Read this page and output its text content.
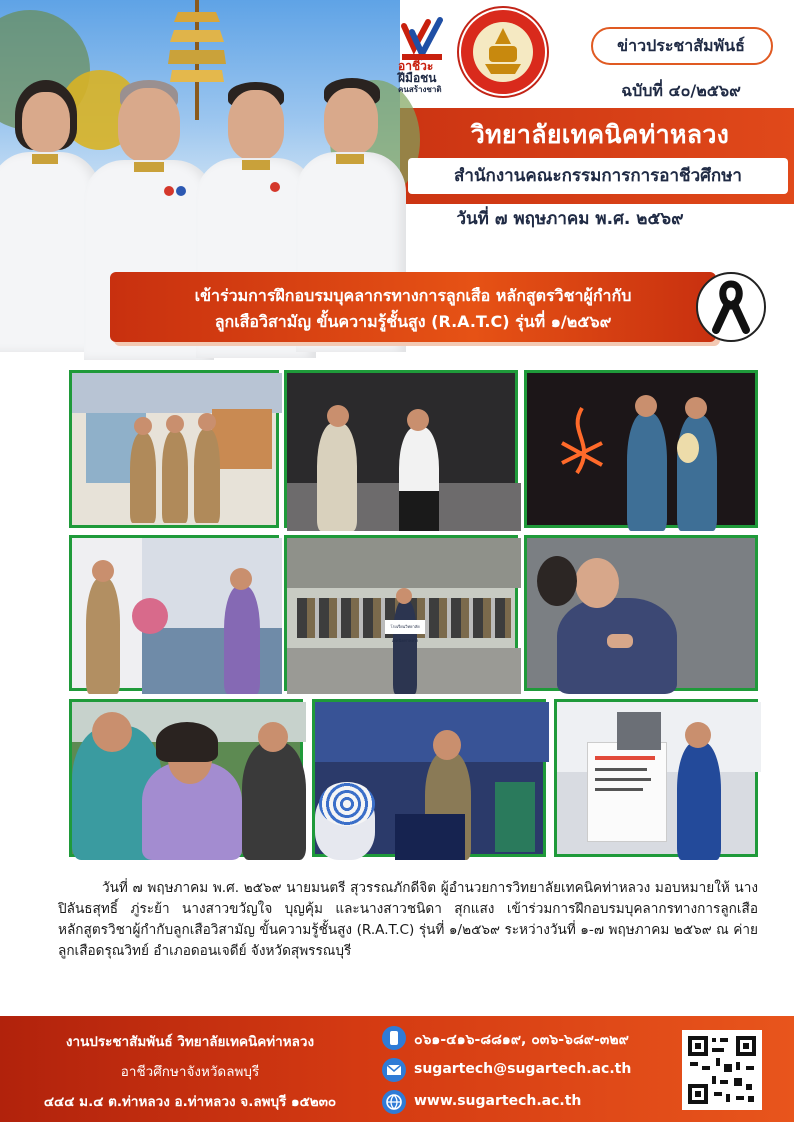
อาชีวะ
ฝีมือชน
คนสร้างชาติ
ข่าวประชาสัมพันธ์
ฉบับที่ ๔๐/๒๕๖๙
วิทยาลัยเทคนิคท่าหลวง
สำนักงานคณะกรรมการการอาชีวศึกษา
วันที่ ๗ พฤษภาคม พ.ศ. ๒๕๖๙
เข้าร่วมการฝึกอบรมบุคลากรทางการลูกเสือ หลักสูตรวิชาผู้กำกับ
ลูกเสือวิสามัญ ขั้นความรู้ชั้นสูง (R.A.T.C) รุ่นที่ ๑/๒๕๖๙
โรงเรียนวิทยาลัยเทคนิคท่าหลวง

วันที่ ๗ พฤษภาคม พ.ศ. ๒๕๖๙ นายมนตรี สุวรรณภักดีจิต ผู้อำนวยการวิทยาลัยเทคนิคท่าหลวง มอบหมายให้ นางปิลันธสุทธิ์ ภู่ระย้า นางสาวขวัญใจ บุญคุ้ม และนางสาวชนิดา สุกแสง เข้าร่วมการฝึกอบรมบุคลากรทางการลูกเสือ หลักสูตรวิชาผู้กำกับลูกเสือวิสามัญ ขั้นความรู้ชั้นสูง (R.A.T.C) รุ่นที่ ๑/๒๕๖๙ ระหว่างวันที่ ๑-๗ พฤษภาคม ๒๕๖๙ ณ ค่ายลูกเสือดรุณวิทย์ อำเภอดอนเจดีย์ จังหวัดสุพรรณบุรี

งานประชาสัมพันธ์ วิทยาลัยเทคนิคท่าหลวง
อาชีวศึกษาจังหวัดลพบุรี
๔๔๔ ม.๔ ต.ท่าหลวง อ.ท่าหลวง จ.ลพบุรี ๑๕๒๓๐
๐๖๑-๔๑๖-๘๘๑๙, ๐๓๖-๖๘๙-๓๒๙
sugartech@sugartech.ac.th
www.sugartech.ac.th
